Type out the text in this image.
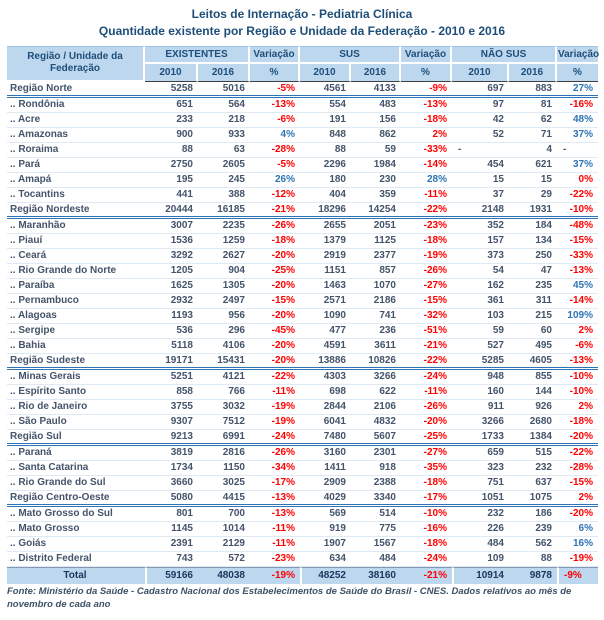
Leitos de Internação - Pediatria Clínica
Quantidade existente por Região e Unidade da Federação - 2010 e 2016
Região / Unidade da Federação	EXISTENTES		Variação	SUS		Variação	NÃO SUS		Variação
	2010	2016	%	2010	2016	%	2010	2016	%
Região Norte	5258	5016	-5%	4561	4133	-9%	697	883	27%
.. Rondônia	651	564	-13%	554	483	-13%	97	81	-16%
.. Acre	233	218	-6%	191	156	-18%	42	62	48%
.. Amazonas	900	933	4%	848	862	2%	52	71	37%
.. Roraima	88	63	-28%	88	59	-33%	-	4	-
.. Pará	2750	2605	-5%	2296	1984	-14%	454	621	37%
.. Amapá	195	245	26%	180	230	28%	15	15	0%
.. Tocantins	441	388	-12%	404	359	-11%	37	29	-22%
Região Nordeste	20444	16185	-21%	18296	14254	-22%	2148	1931	-10%
.. Maranhão	3007	2235	-26%	2655	2051	-23%	352	184	-48%
.. Piauí	1536	1259	-18%	1379	1125	-18%	157	134	-15%
.. Ceará	3292	2627	-20%	2919	2377	-19%	373	250	-33%
.. Rio Grande do Norte	1205	904	-25%	1151	857	-26%	54	47	-13%
.. Paraíba	1625	1305	-20%	1463	1070	-27%	162	235	45%
.. Pernambuco	2932	2497	-15%	2571	2186	-15%	361	311	-14%
.. Alagoas	1193	956	-20%	1090	741	-32%	103	215	109%
.. Sergipe	536	296	-45%	477	236	-51%	59	60	2%
.. Bahia	5118	4106	-20%	4591	3611	-21%	527	495	-6%
Região Sudeste	19171	15431	-20%	13886	10826	-22%	5285	4605	-13%
.. Minas Gerais	5251	4121	-22%	4303	3266	-24%	948	855	-10%
.. Espírito Santo	858	766	-11%	698	622	-11%	160	144	-10%
.. Rio de Janeiro	3755	3032	-19%	2844	2106	-26%	911	926	2%
.. São Paulo	9307	7512	-19%	6041	4832	-20%	3266	2680	-18%
Região Sul	9213	6991	-24%	7480	5607	-25%	1733	1384	-20%
.. Paraná	3819	2816	-26%	3160	2301	-27%	659	515	-22%
.. Santa Catarina	1734	1150	-34%	1411	918	-35%	323	232	-28%
.. Rio Grande do Sul	3660	3025	-17%	2909	2388	-18%	751	637	-15%
Região Centro-Oeste	5080	4415	-13%	4029	3340	-17%	1051	1075	2%
.. Mato Grosso do Sul	801	700	-13%	569	514	-10%	232	186	-20%
.. Mato Grosso	1145	1014	-11%	919	775	-16%	226	239	6%
.. Goiás	2391	2129	-11%	1907	1567	-18%	484	562	16%
.. Distrito Federal	743	572	-23%	634	484	-24%	109	88	-19%
Total	59166	48038	-19%	48252	38160	-21%	10914	9878	-9%
Fonte: Ministério da Saúde - Cadastro Nacional dos Estabelecimentos de Saúde do Brasil - CNES. Dados relativos ao mês de novembro de cada ano
